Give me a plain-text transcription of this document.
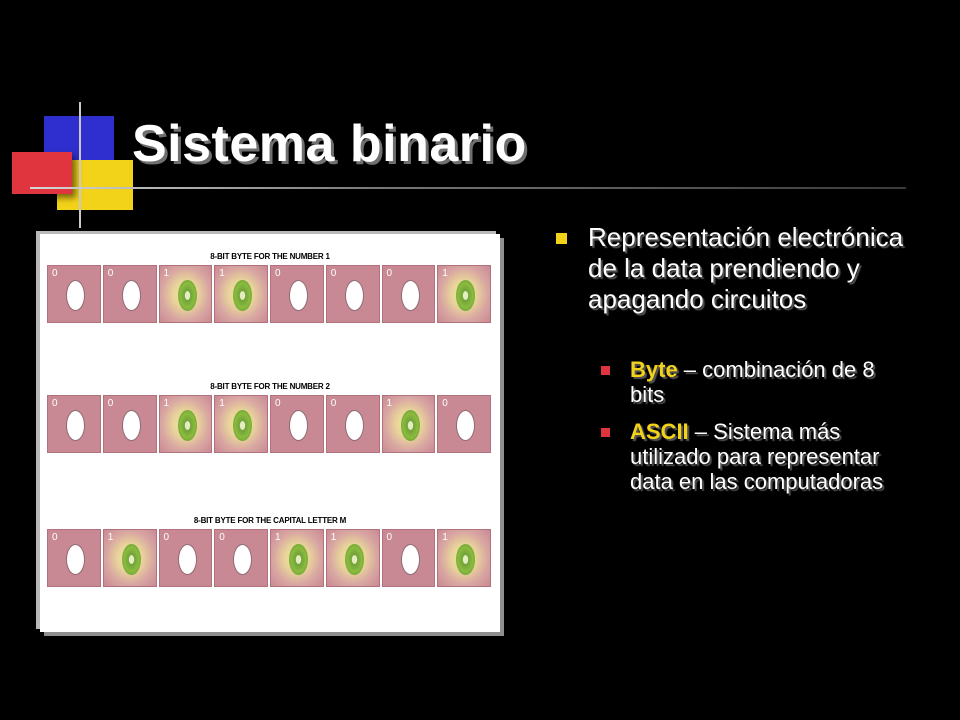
Sistema binario
8-BIT BYTE FOR THE NUMBER 1
0	0	1	1	0	0	0	1
8-BIT BYTE FOR THE NUMBER 2
0	0	1	1	0	0	1	0
8-BIT BYTE FOR THE CAPITAL LETTER M
0	1	0	0	1	1	0	1
Representación electrónica de la data prendiendo y apagando circuitos
Byte – combinación de 8 bits
ASCII – Sistema más utilizado para representar data en las computadoras
